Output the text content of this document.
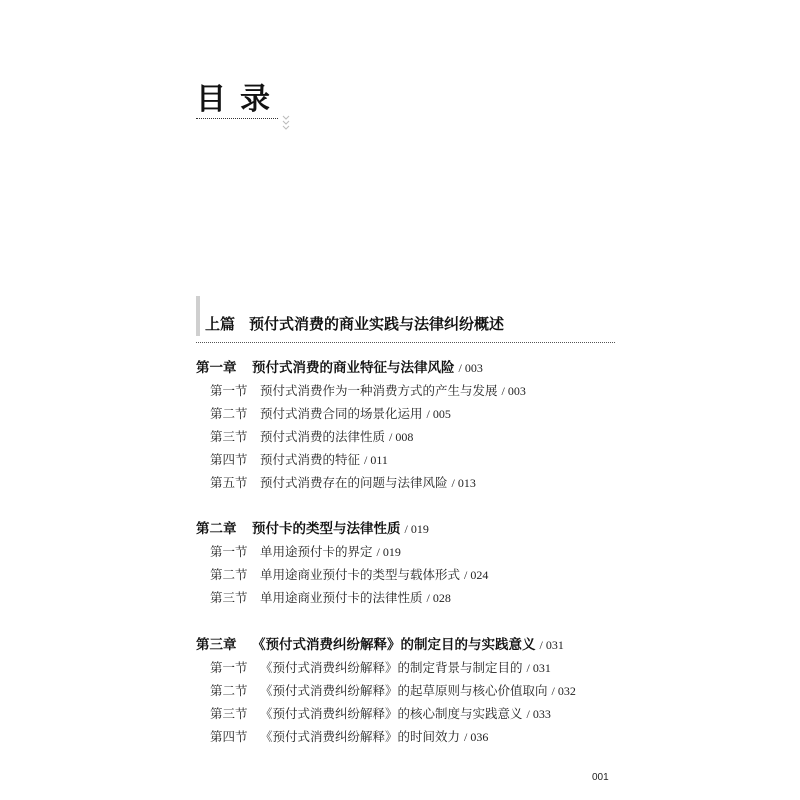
目录
上篇 预付式消费的商业实践与法律纠纷概述
第一章 预付式消费的商业特征与法律风险 / 003
第一节 预付式消费作为一种消费方式的产生与发展 / 003
第二节 预付式消费合同的场景化运用 / 005
第三节 预付式消费的法律性质 / 008
第四节 预付式消费的特征 / 011
第五节 预付式消费存在的问题与法律风险 / 013
第二章 预付卡的类型与法律性质 / 019
第一节 单用途预付卡的界定 / 019
第二节 单用途商业预付卡的类型与载体形式 / 024
第三节 单用途商业预付卡的法律性质 / 028
第三章 《预付式消费纠纷解释》的制定目的与实践意义 / 031
第一节 《预付式消费纠纷解释》的制定背景与制定目的 / 031
第二节 《预付式消费纠纷解释》的起草原则与核心价值取向 / 032
第三节 《预付式消费纠纷解释》的核心制度与实践意义 / 033
第四节 《预付式消费纠纷解释》的时间效力 / 036
001
